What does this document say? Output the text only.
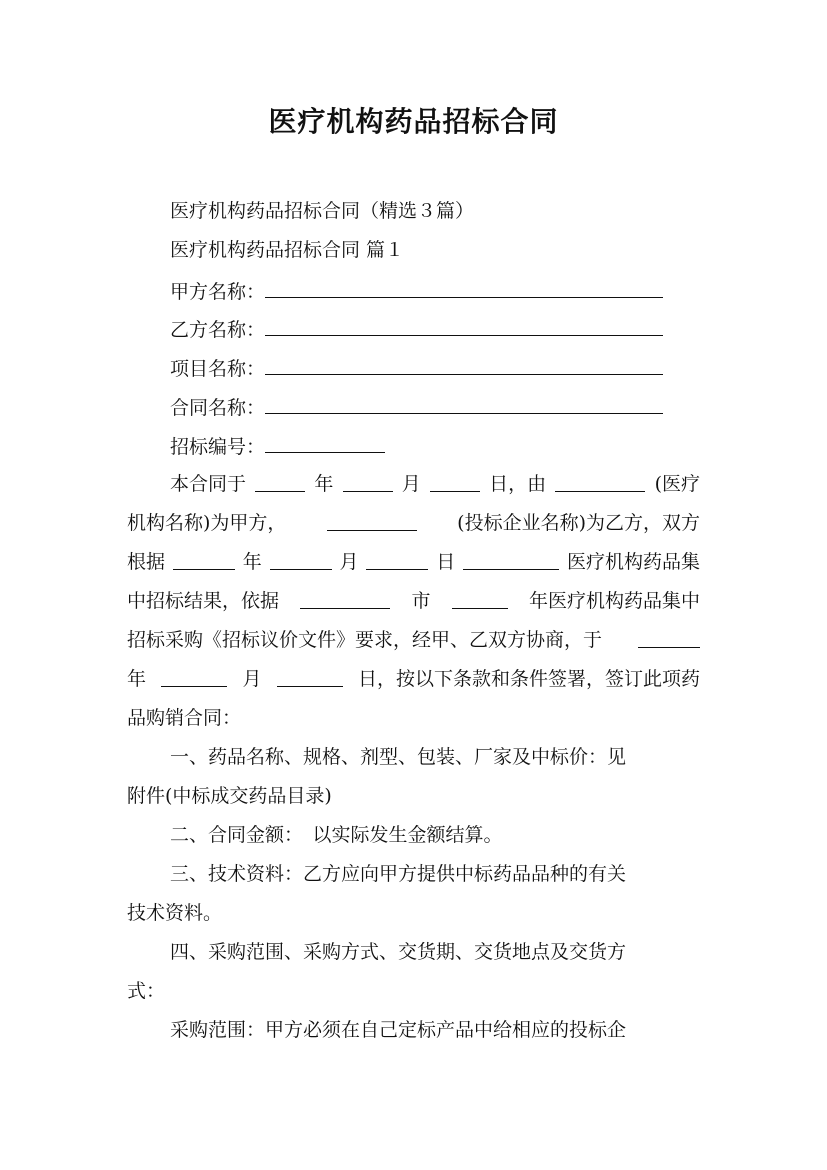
医疗机构药品招标合同
医疗机构药品招标合同（精选３篇）
医疗机构药品招标合同 篇１
甲方名称：
乙方名称：
项目名称：
合同名称：
招标编号：
本合同于	年	月	日，由	(医疗
机构名称)为甲方，	(投标企业名称)为乙方，双方
根据	年	月	日	医疗机构药品集
中招标结果，依据	市	年医疗机构药品集中
招标采购《招标议价文件》要求，经甲、乙双方协商，于
年	月	日，按以下条款和条件签署，签订此项药
品购销合同：
一、药品名称、规格、剂型、包装、厂家及中标价：见
附件(中标成交药品目录)
二、合同金额：　以实际发生金额结算。
三、技术资料：乙方应向甲方提供中标药品品种的有关
技术资料。
四、采购范围、采购方式、交货期、交货地点及交货方
式：
采购范围：甲方必须在自己定标产品中给相应的投标企
